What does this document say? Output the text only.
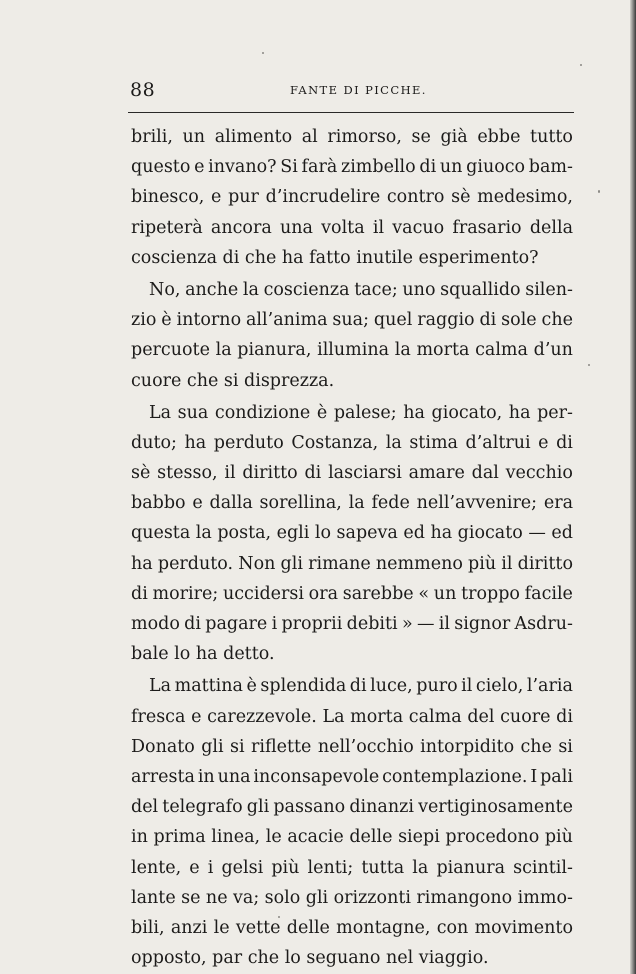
88	FANTE DI PICCHE.
brili, un alimento al rimorso, se già ebbe tutto
questo e invano? Si farà zimbello di un giuoco bam-
binesco, e pur d’incrudelire contro sè medesimo,
ripeterà ancora una volta il vacuo frasario della
coscienza di che ha fatto inutile esperimento?
No, anche la coscienza tace; uno squallido silen-
zio è intorno all’anima sua; quel raggio di sole che
percuote la pianura, illumina la morta calma d’un
cuore che si disprezza.
La sua condizione è palese; ha giocato, ha per-
duto; ha perduto Costanza, la stima d’altrui e di
sè stesso, il diritto di lasciarsi amare dal vecchio
babbo e dalla sorellina, la fede nell’avvenire; era
questa la posta, egli lo sapeva ed ha giocato — ed
ha perduto. Non gli rimane nemmeno più il diritto
di morire; uccidersi ora sarebbe « un troppo facile
modo di pagare i proprii debiti » — il signor Asdru-
bale lo ha detto.
La mattina è splendida di luce, puro il cielo, l’aria
fresca e carezzevole. La morta calma del cuore di
Donato gli si riflette nell’occhio intorpidito che si
arresta in una inconsapevole contemplazione. I pali
del telegrafo gli passano dinanzi vertiginosamente
in prima linea, le acacie delle siepi procedono più
lente, e i gelsi più lenti; tutta la pianura scintil-
lante se ne va; solo gli orizzonti rimangono immo-
bili, anzi le vette delle montagne, con movimento
opposto, par che lo seguano nel viaggio.
